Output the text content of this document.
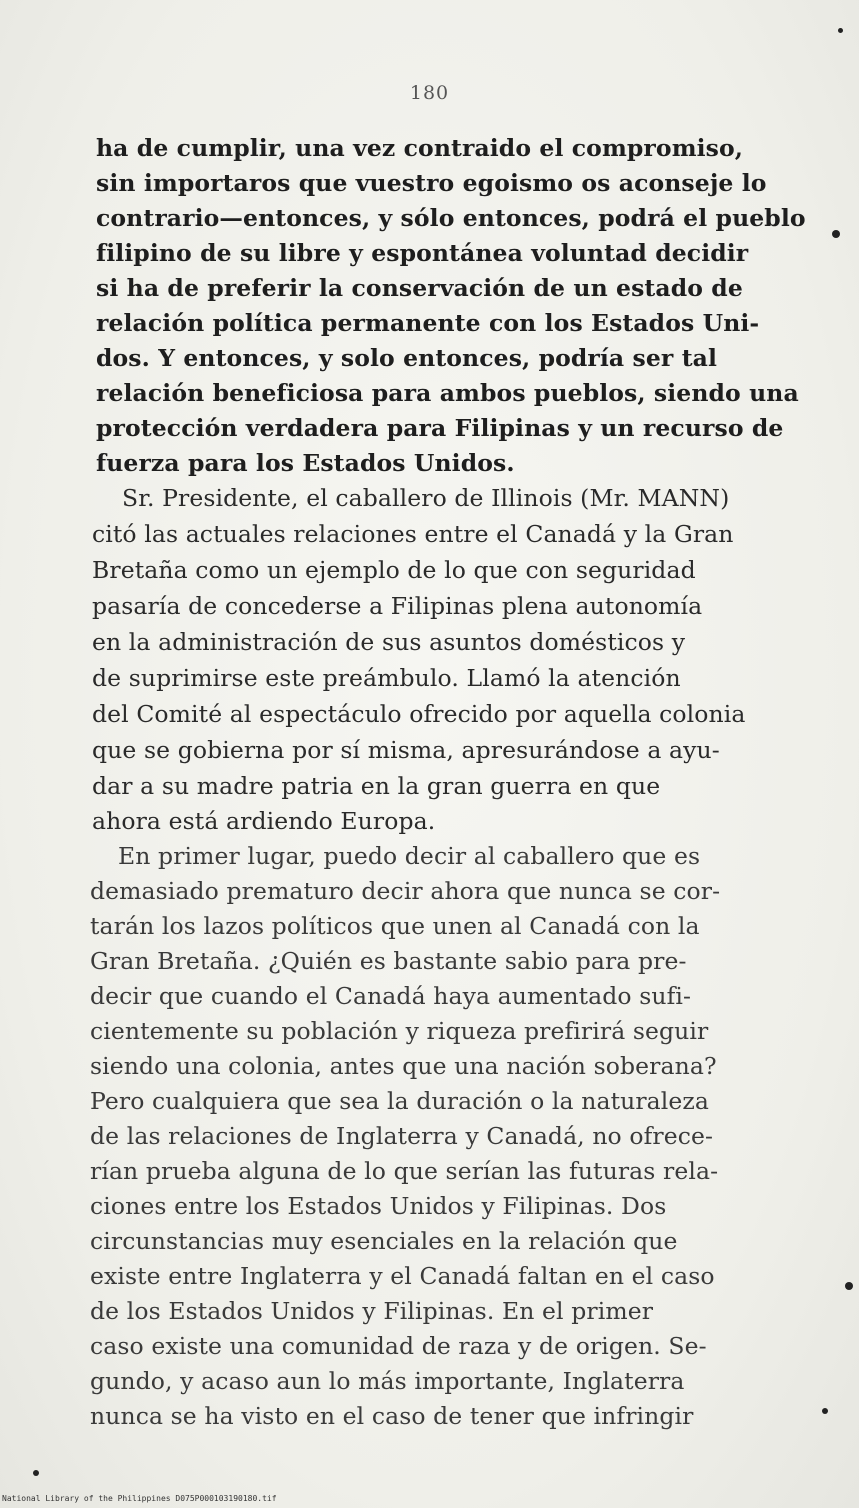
180
ha de cumplir, una vez contraido el compromiso,
sin importaros que vuestro egoismo os aconseje lo
contrario—entonces, y sólo entonces, podrá el pueblo
filipino de su libre y espontánea voluntad decidir
si ha de preferir la conservación de un estado de
relación política permanente con los Estados Uni-
dos. Y entonces, y solo entonces, podría ser tal
relación beneficiosa para ambos pueblos, siendo una
protección verdadera para Filipinas y un recurso de
fuerza para los Estados Unidos.
Sr. Presidente, el caballero de Illinois (Mr. MANN)
citó las actuales relaciones entre el Canadá y la Gran
Bretaña como un ejemplo de lo que con seguridad
pasaría de concederse a Filipinas plena autonomía
en la administración de sus asuntos domésticos y
de suprimirse este preámbulo. Llamó la atención
del Comité al espectáculo ofrecido por aquella colonia
que se gobierna por sí misma, apresurándose a ayu-
dar a su madre patria en la gran guerra en que
ahora está ardiendo Europa.
En primer lugar, puedo decir al caballero que es
demasiado prematuro decir ahora que nunca se cor-
tarán los lazos políticos que unen al Canadá con la
Gran Bretaña. ¿Quién es bastante sabio para pre-
decir que cuando el Canadá haya aumentado sufi-
cientemente su población y riqueza prefirirá seguir
siendo una colonia, antes que una nación soberana?
Pero cualquiera que sea la duración o la naturaleza
de las relaciones de Inglaterra y Canadá, no ofrece-
rían prueba alguna de lo que serían las futuras rela-
ciones entre los Estados Unidos y Filipinas. Dos
circunstancias muy esenciales en la relación que
existe entre Inglaterra y el Canadá faltan en el caso
de los Estados Unidos y Filipinas. En el primer
caso existe una comunidad de raza y de origen. Se-
gundo, y acaso aun lo más importante, Inglaterra
nunca se ha visto en el caso de tener que infringir
National Library of the Philippines D075P000103190180.tif
